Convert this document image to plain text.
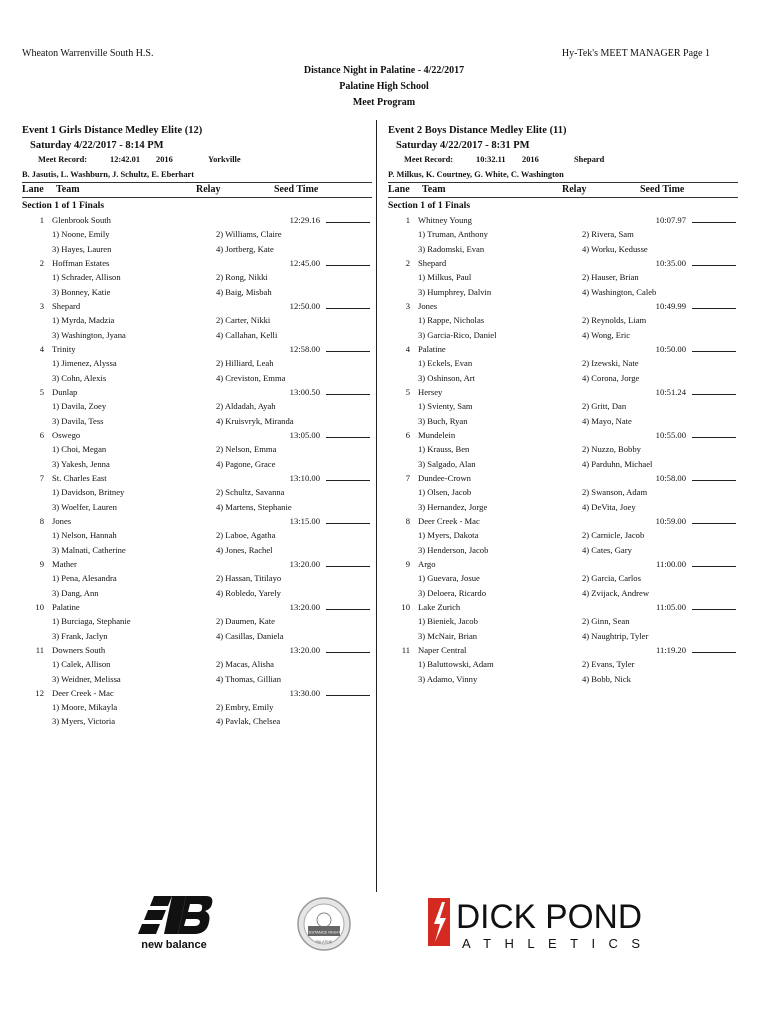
Wheaton Warrenville South H.S.	Hy-Tek's MEET MANAGER Page 1
Distance Night in Palatine - 4/22/2017
Palatine High School
Meet Program
Event 1 Girls Distance Medley Elite (12)
Saturday 4/22/2017 - 8:14 PM
Meet Record:	12:42.01 2016	Yorkville
B. Jasutis, L. Washburn, J. Schultz, E. Eberhart
Lane Team	Relay	Seed Time
Section 1 of 1 Finals
1 Glenbrook South	12:29.16
1) Noone, Emily	2) Williams, Claire
3) Hayes, Lauren	4) Jortberg, Kate
2 Hoffman Estates	12:45.00
1) Schrader, Allison	2) Rong, Nikki
3) Bonney, Katie	4) Baig, Misbah
3 Shepard	12:50.00
1) Myrda, Madzia	2) Carter, Nikki
3) Washington, Jyana	4) Callahan, Kelli
4 Trinity	12:58.00
1) Jimenez, Alyssa	2) Hilliard, Leah
3) Cohn, Alexis	4) Creviston, Emma
5 Dunlap	13:00.50
1) Davila, Zoey	2) Aldadah, Ayah
3) Davila, Tess	4) Kruisvryk, Miranda
6 Oswego	13:05.00
1) Choi, Megan	2) Nelson, Emma
3) Yakesh, Jenna	4) Pagone, Grace
7 St. Charles East	13:10.00
1) Davidson, Britney	2) Schultz, Savanna
3) Woelfer, Lauren	4) Martens, Stephanie
8 Jones	13:15.00
1) Nelson, Hannah	2) Laboe, Agatha
3) Malnati, Catherine	4) Jones, Rachel
9 Mather	13:20.00
1) Pena, Alesandra	2) Hassan, Titilayo
3) Dang, Ann	4) Robledo, Yarely
10 Palatine	13:20.00
1) Burciaga, Stephanie	2) Daumen, Kate
3) Frank, Jaclyn	4) Casillas, Daniela
11 Downers South	13:20.00
1) Calek, Allison	2) Macas, Alisha
3) Weidner, Melissa	4) Thomas, Gillian
12 Deer Creek - Mac	13:30.00
1) Moore, Mikayla	2) Embry, Emily
3) Myers, Victoria	4) Pavlak, Chelsea
Event 2 Boys Distance Medley Elite (11)
Saturday 4/22/2017 - 8:31 PM
Meet Record:	10:32.11 2016	Shepard
P. Milkus, K. Courtney, G. White, C. Washington
Lane Team	Relay	Seed Time
Section 1 of 1 Finals
1 Whitney Young	10:07.97
1) Truman, Anthony	2) Rivera, Sam
3) Radomski, Evan	4) Worku, Kedusse
2 Shepard	10:35.00
1) Milkus, Paul	2) Hauser, Brian
3) Humphrey, Dalvin	4) Washington, Caleb
3 Jones	10:49.99
1) Rappe, Nicholas	2) Reynolds, Liam
3) Garcia-Rico, Daniel	4) Wong, Eric
4 Palatine	10:50.00
1) Eckels, Evan	2) Izewski, Nate
3) Oshinson, Art	4) Corona, Jorge
5 Hersey	10:51.24
1) Svienty, Sam	2) Gritt, Dan
3) Buch, Ryan	4) Mayo, Nate
6 Mundelein	10:55.00
1) Krauss, Ben	2) Nuzzo, Bobby
3) Salgado, Alan	4) Parduhn, Michael
7 Dundee-Crown	10:58.00
1) Olsen, Jacob	2) Swanson, Adam
3) Hernandez, Jorge	4) DeVita, Joey
8 Deer Creek - Mac	10:59.00
1) Myers, Dakota	2) Carnicle, Jacob
3) Henderson, Jacob	4) Cates, Gary
9 Argo	11:00.00
1) Guevara, Josue	2) Garcia, Carlos
3) Deloera, Ricardo	4) Zvijack, Andrew
10 Lake Zurich	11:05.00
1) Bieniek, Jacob	2) Ginn, Sean
3) McNair, Brian	4) Naughtrip, Tyler
11 Naper Central	11:19.20
1) Baluttowski, Adam	2) Evans, Tyler
3) Adamo, Vinny	4) Bobb, Nick
new balance
DISTANCE NIGHT
PALATINE
DICK POND
ATHLETICS
